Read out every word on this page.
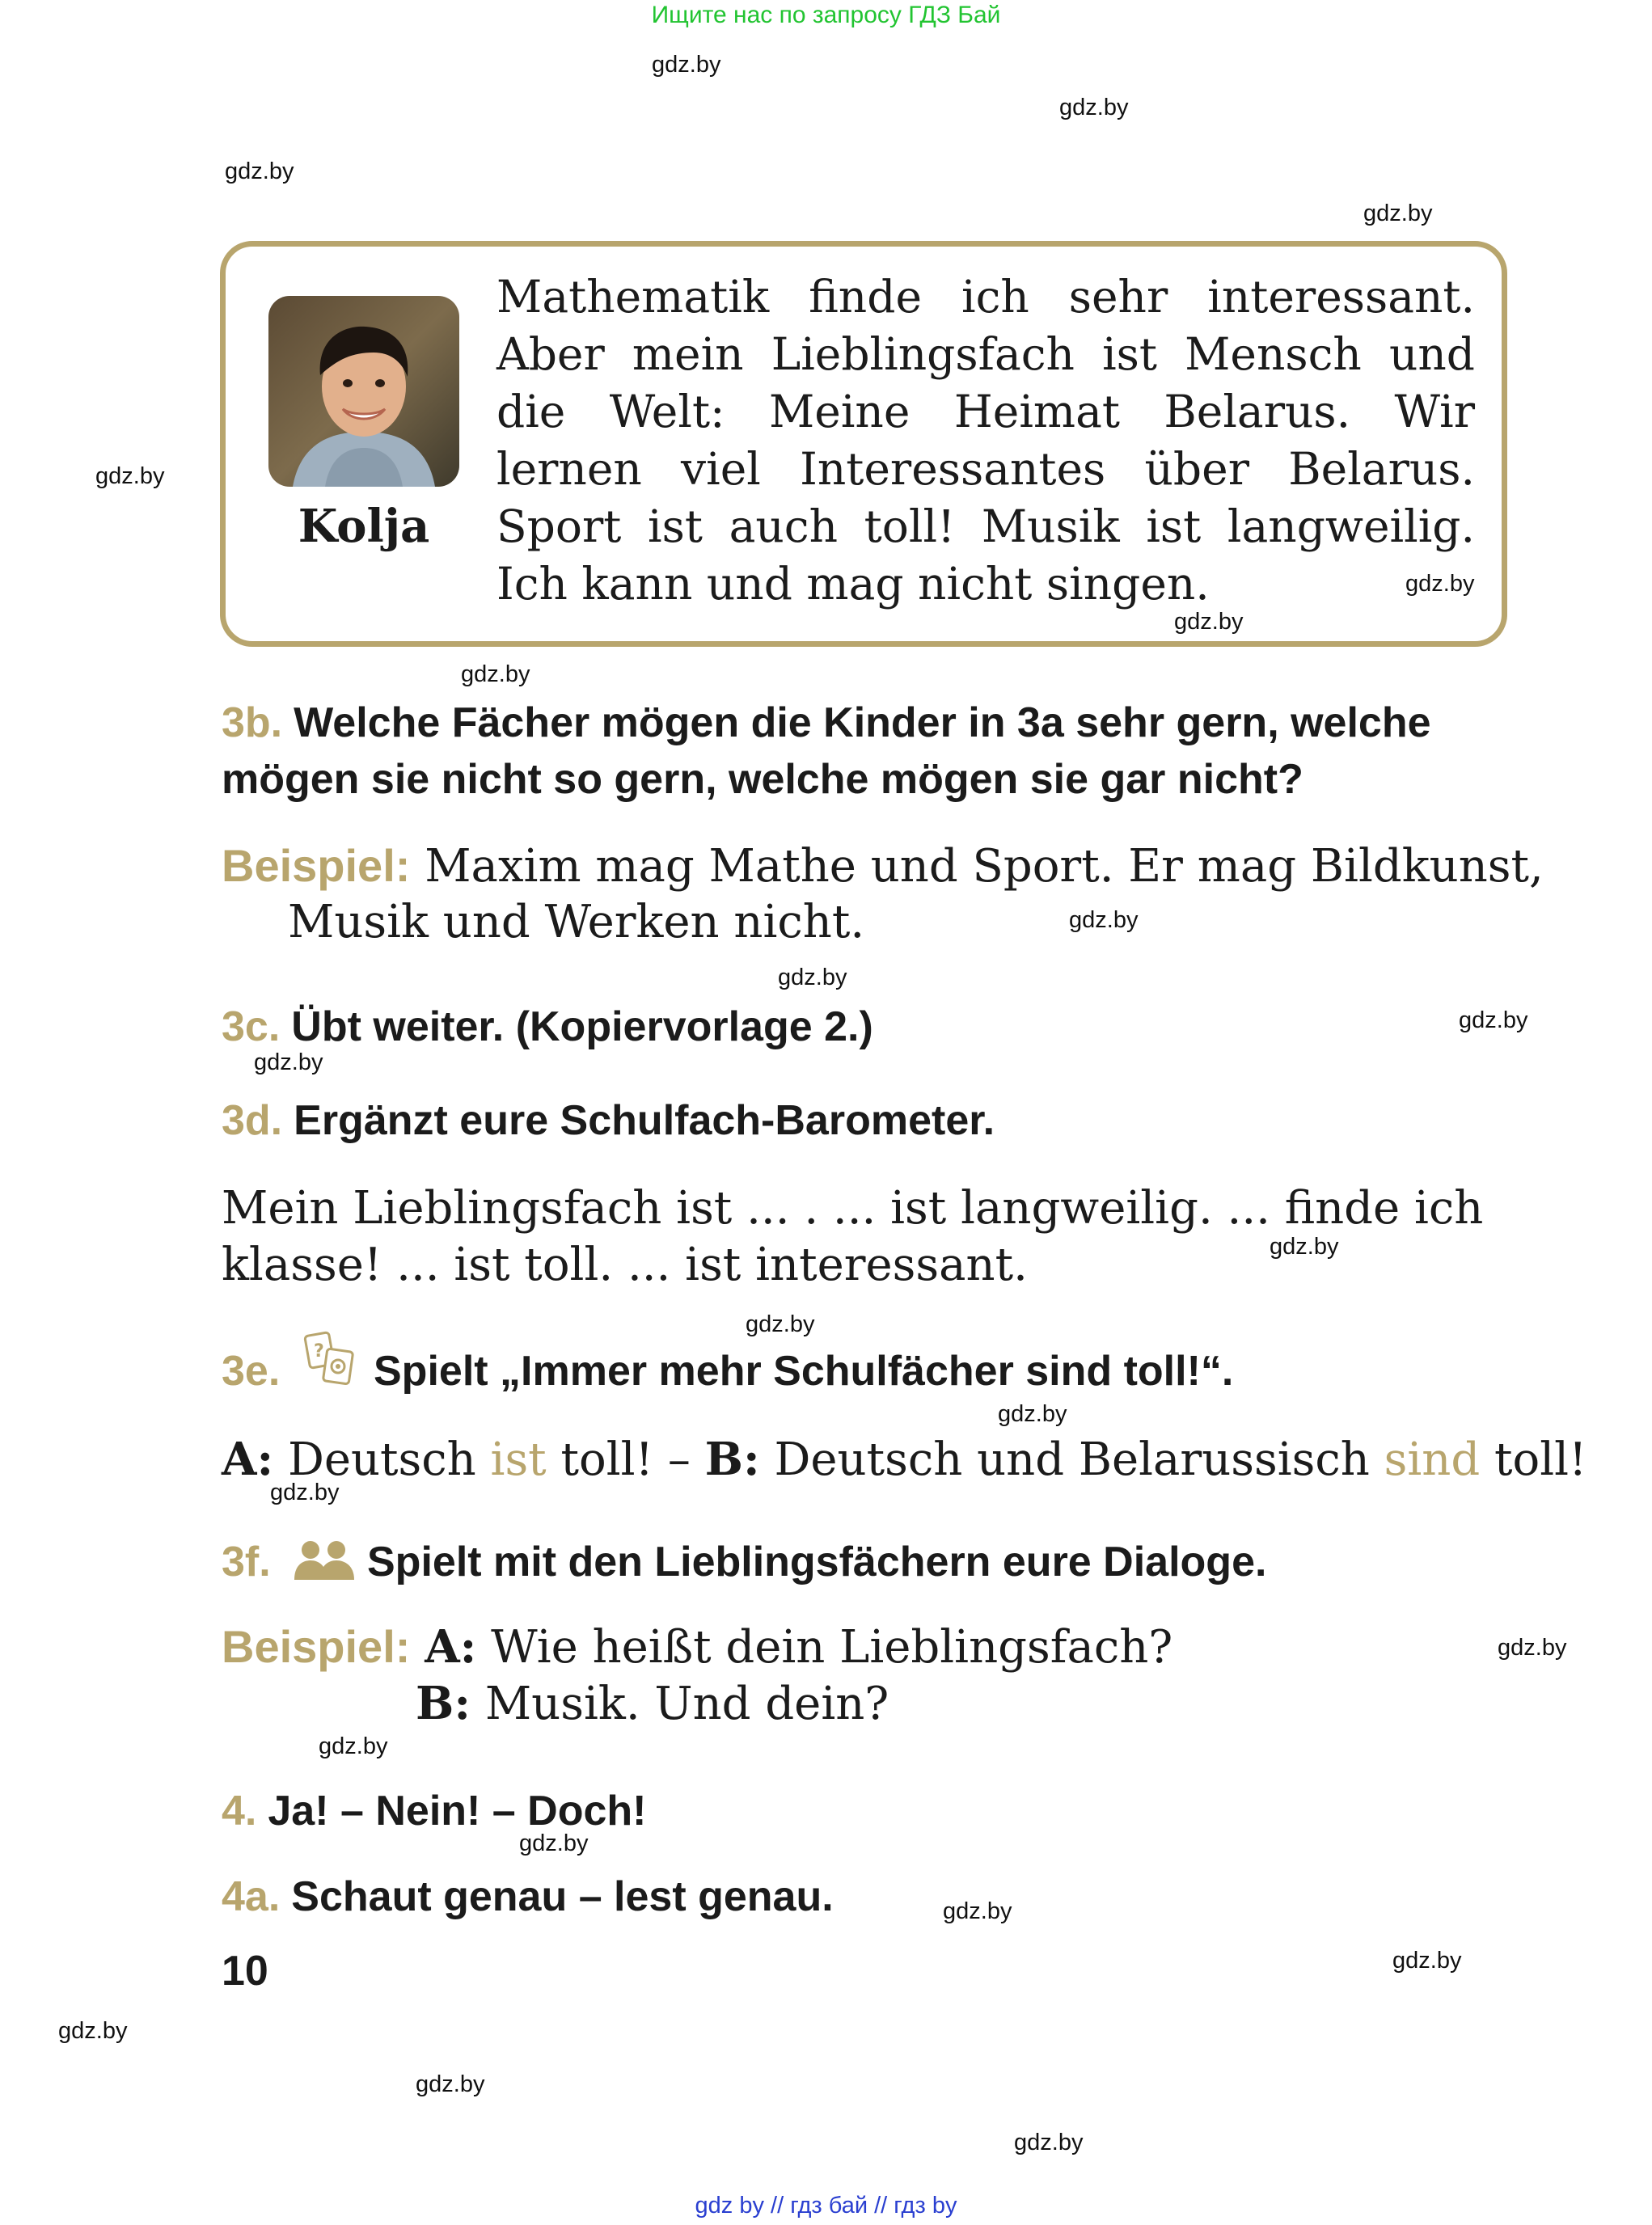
Ищите нас по запросу ГДЗ Бай
gdz.by
gdz.by
gdz.by
gdz.by
gdz.by
gdz.by
gdz.by
gdz.by
gdz.by
gdz.by
gdz.by
gdz.by
gdz.by
gdz.by
gdz.by
gdz.by
gdz.by
gdz.by
gdz.by
gdz.by
gdz.by
gdz.by
gdz.by
gdz.by
Kolja
Mathematik finde ich sehr interessant.
Aber mein Lieblingsfach ist Mensch und
die Welt: Meine Heimat Belarus. Wir
lernen viel Interessantes über Belarus.
Sport ist auch toll! Musik ist langweilig.
Ich kann und mag nicht singen.
3b. Welche Fächer mögen die Kinder in 3a sehr gern, welche
mögen sie nicht so gern, welche mögen sie gar nicht?
Beispiel: Maxim mag Mathe und Sport. Er mag Bildkunst,
Musik und Werken nicht.
3c. Übt weiter. (Kopiervorlage 2.)
3d. Ergänzt eure Schulfach-Barometer.
Mein Lieblingsfach ist ... . ... ist langweilig. ... finde ich
klasse! ... ist toll. ... ist interessant.
3e.	? Spielt „Immer mehr Schulfächer sind toll!“.
A: Deutsch ist toll! – B: Deutsch und Belarussisch sind toll!
3f. Spielt mit den Lieblingsfächern eure Dialoge.
Beispiel: A: Wie heißt dein Lieblingsfach?
B: Musik. Und dein?
4. Ja! – Nein! – Doch!
4a. Schaut genau – lest genau.
10
gdz by // гдз бай // гдз by
